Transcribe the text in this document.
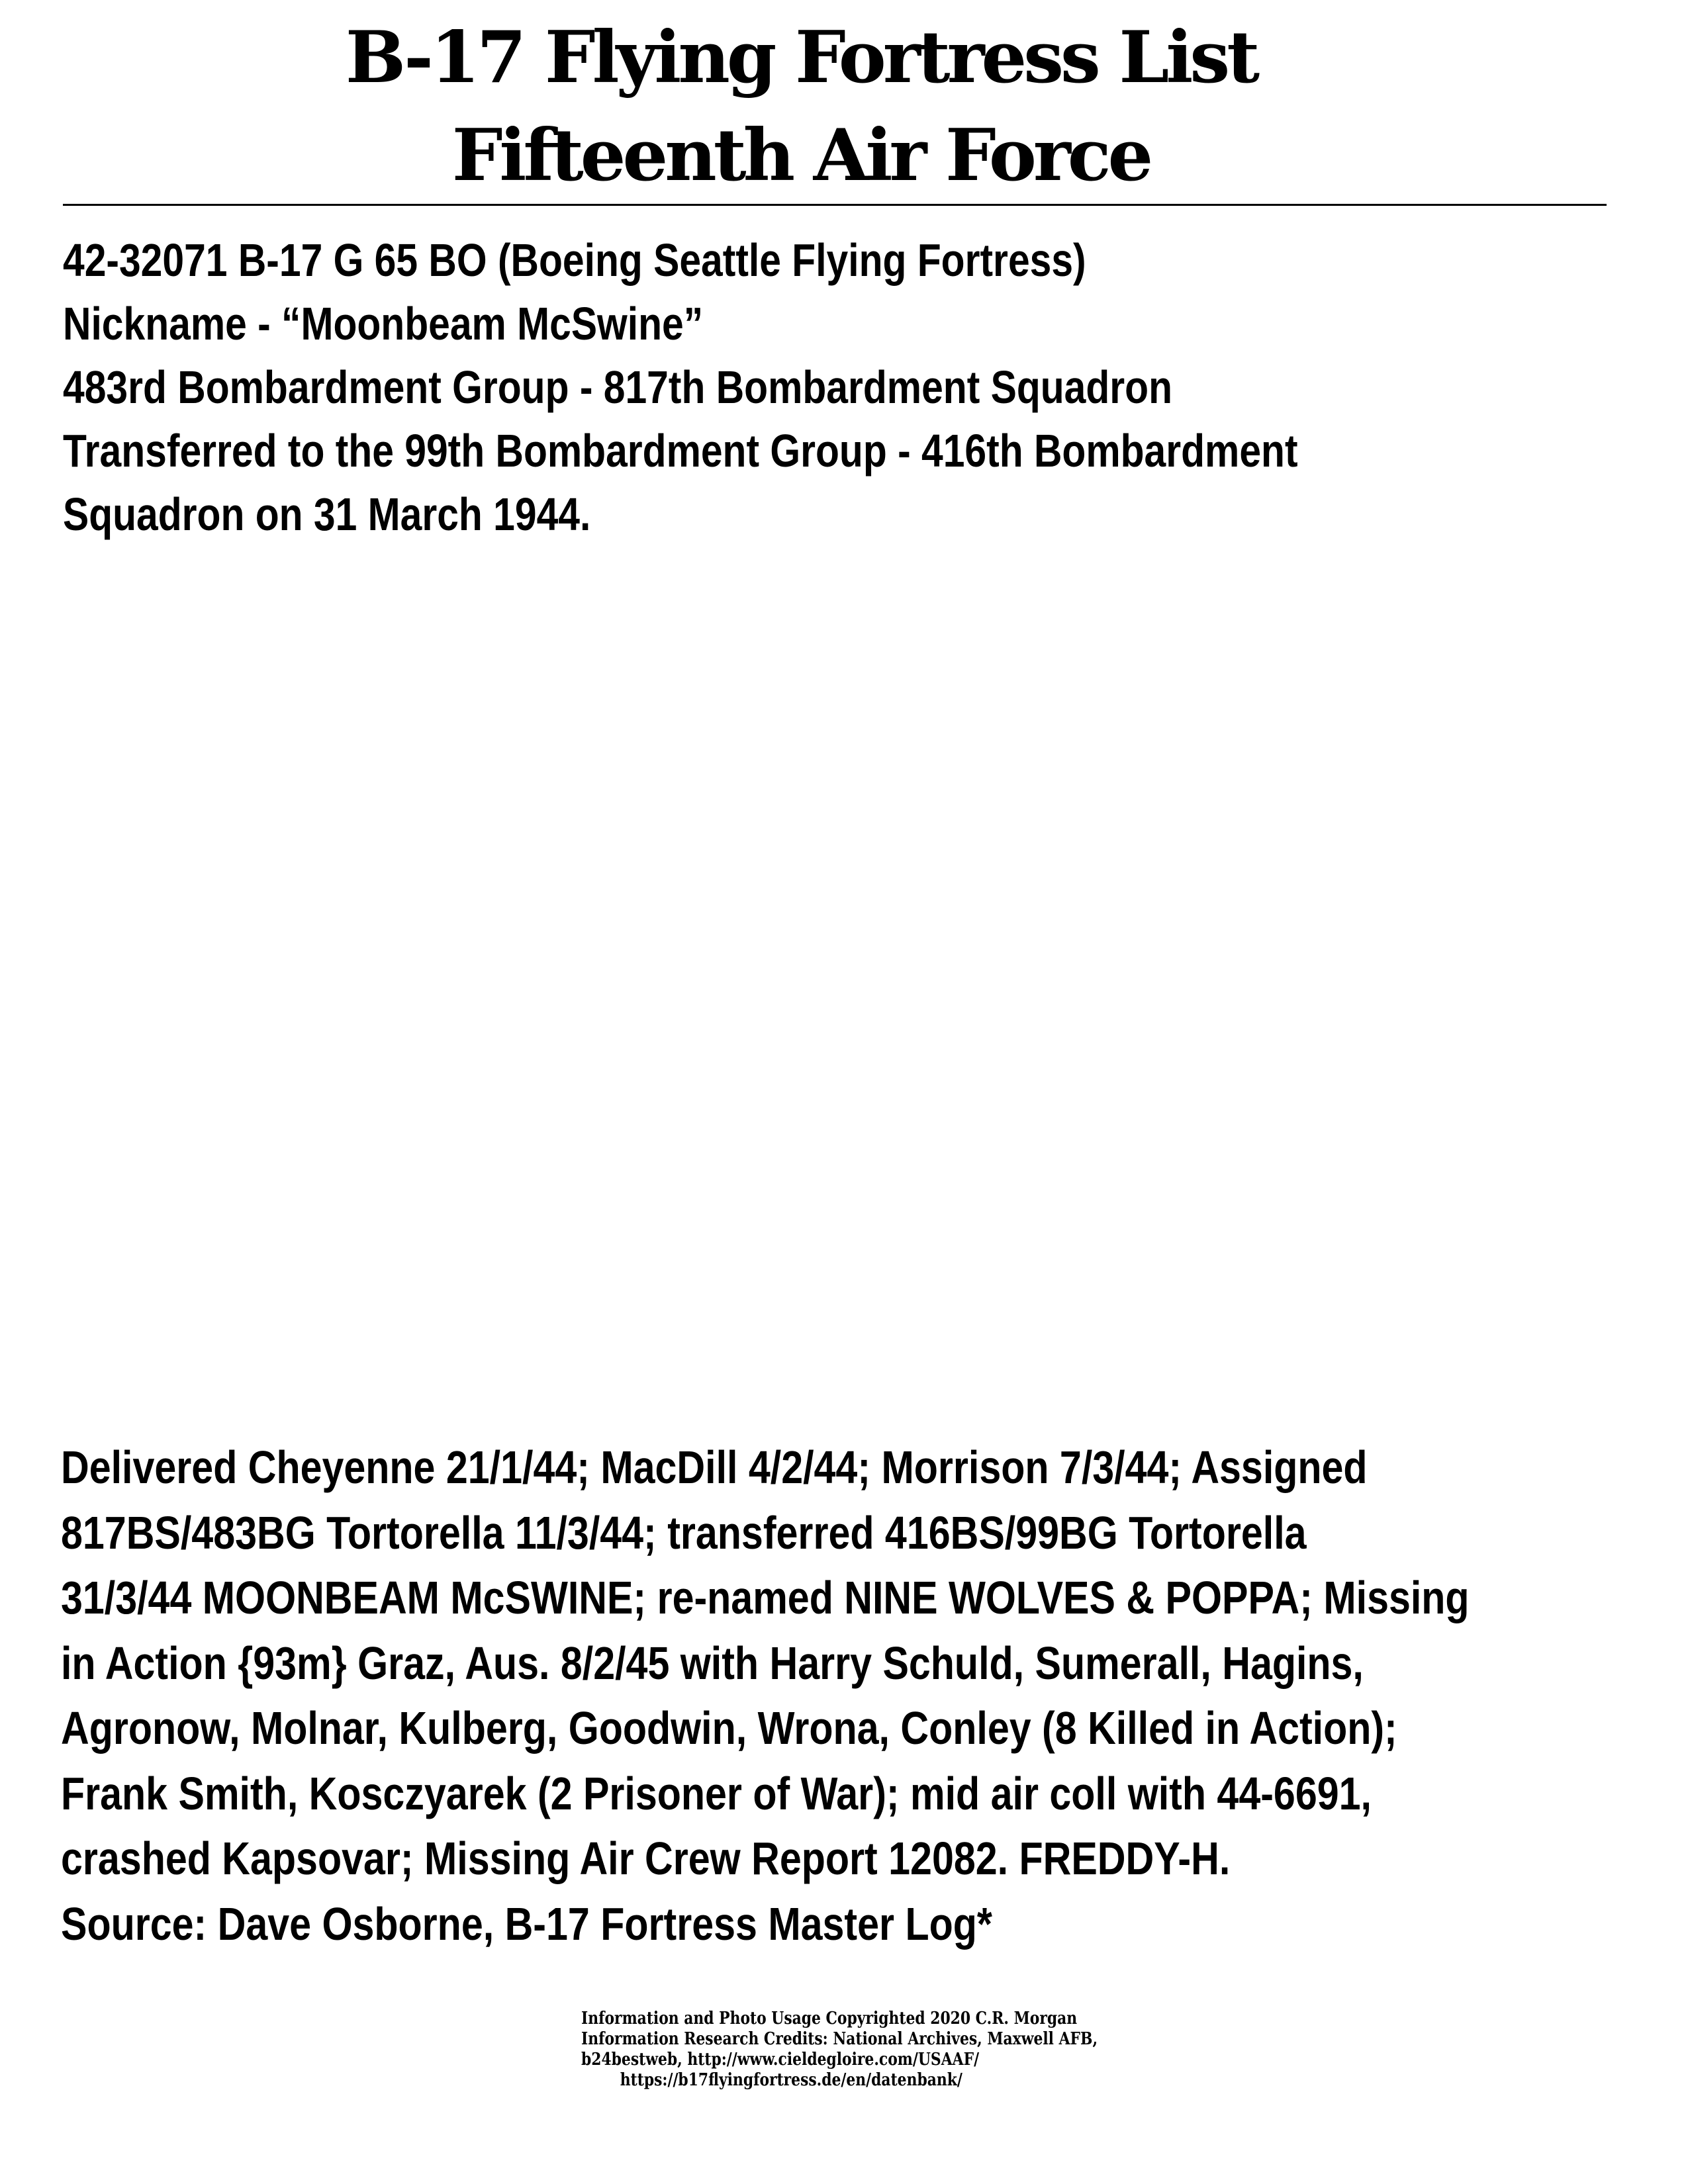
B-17 Flying Fortress List
Fifteenth Air Force
42-32071 B-17 G 65 BO (Boeing Seattle Flying Fortress)
Nickname - “Moonbeam McSwine”
483rd Bombardment Group - 817th Bombardment Squadron
Transferred to the 99th Bombardment Group - 416th Bombardment
Squadron on 31 March 1944.
Delivered Cheyenne 21/1/44; MacDill 4/2/44; Morrison 7/3/44; Assigned
817BS/483BG Tortorella 11/3/44; transferred 416BS/99BG Tortorella
31/3/44 MOONBEAM McSWINE; re-named NINE WOLVES & POPPA; Missing
in Action {93m} Graz, Aus. 8/2/45 with Harry Schuld, Sumerall, Hagins,
Agronow, Molnar, Kulberg, Goodwin, Wrona, Conley (8 Killed in Action);
Frank Smith, Kosczyarek (2 Prisoner of War); mid air coll with 44-6691,
crashed Kapsovar; Missing Air Crew Report 12082. FREDDY-H.
Source: Dave Osborne, B-17 Fortress Master Log*
Information and Photo Usage Copyrighted 2020 C.R. Morgan
Information Research Credits: National Archives, Maxwell AFB,
b24bestweb, http://www.cieldegloire.com/USAAF/
https://b17flyingfortress.de/en/datenbank/
